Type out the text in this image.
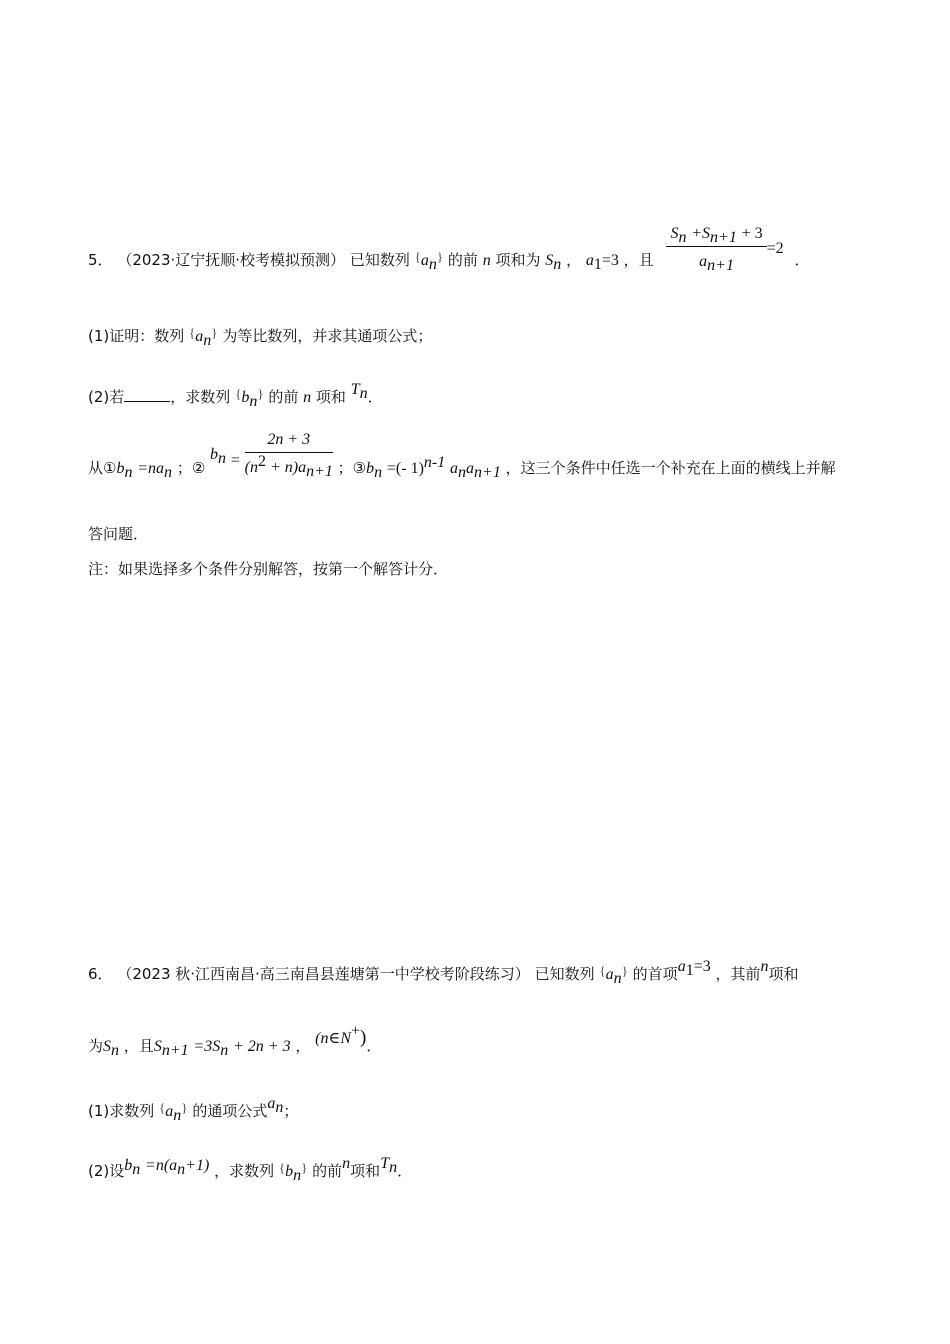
5． （2023·辽宁抚顺·校考模拟预测） 已知数列 $\{a_n\}$ 的前 n 项和为 $S_n$ ， $a_1=3$ ，且 $\frac{S_n +S_{n+1} + 3}{a_{n+1}} =2$ ．
(1)证明：数列 $\{a_n\}$ 为等比数列，并求其通项公式；
(2)若	，求数列 $\{b_n\}$ 的前 n 项和 $T_n$．
从$①b_n =na_n$ ；② $b_n = \frac{2n + 3}{(n^2 + n)a_{n+1}}$ ；$③b_n$ =(- 1)$^{n-1}$ $a_na_{n+1}$ ，这三个条件中任选一个补充在上面的横线上并解
答问题．
注：如果选择多个条件分别解答，按第一个解答计分．
6． （2023 秋·江西南昌·高三南昌县莲塘第一中学校考阶段练习） 已知数列 $\{a_n\}$ 的首项$a_1=3$ ，其前n项和
为$S_n$ ，且$S_{n+1} =3S_n + 2n + 3$ ， (n∈N+)．
(1)求数列 $\{a_n\}$ 的通项公式$a_n$；
(2)设$b_n =n(a_n+1)$ ，求数列 $\{b_n\}$ 的前n项和$T_n$．
